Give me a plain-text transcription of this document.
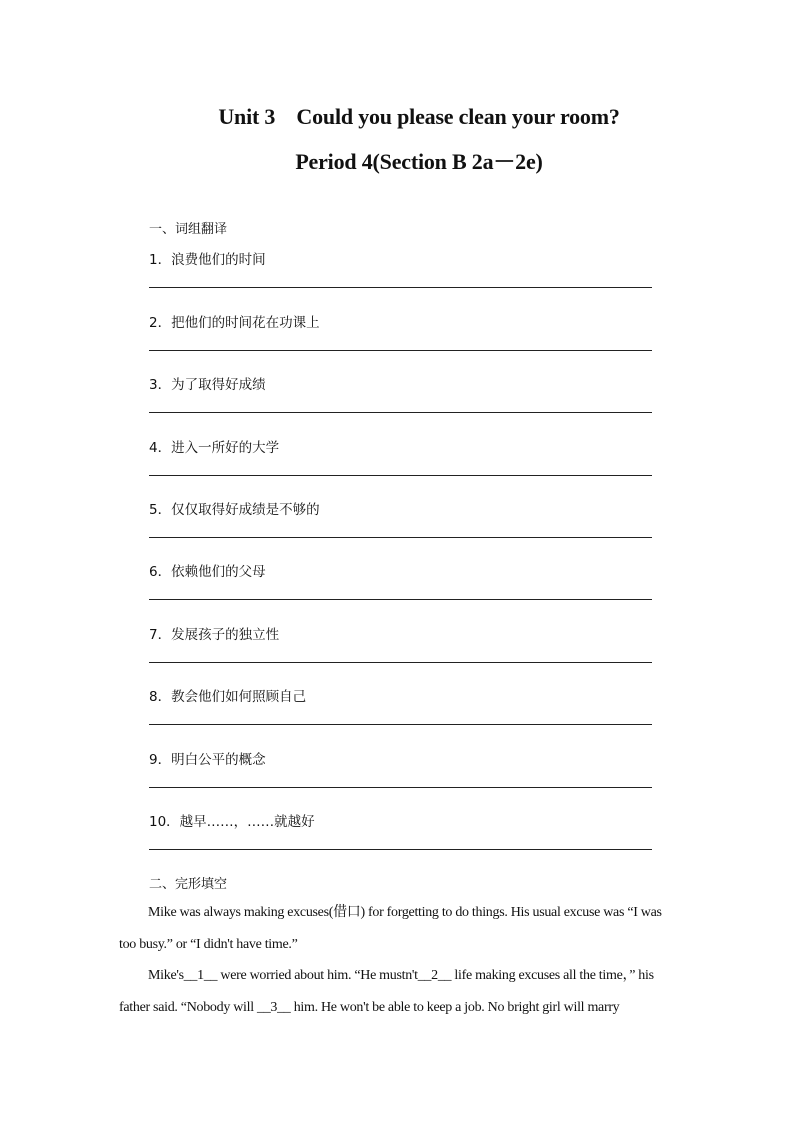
Unit 3    Could you please clean your room?
Period 4(Section B 2a－2e)
一、词组翻译
1．浪费他们的时间
2．把他们的时间花在功课上
3．为了取得好成绩
4．进入一所好的大学
5．仅仅取得好成绩是不够的
6．依赖他们的父母
7．发展孩子的独立性
8．教会他们如何照顾自己
9．明白公平的概念
10．越早……，……就越好
二、完形填空
Mike was always making excuses(借口) for forgetting to do things. His usual excuse was “I was too busy.” or “I didn't have time.”
Mike's__1__ were worried about him. “He mustn't__2__ life making excuses all the time，” his father said. “Nobody will __3__ him. He won't be able to keep a job. No bright girl will marry
